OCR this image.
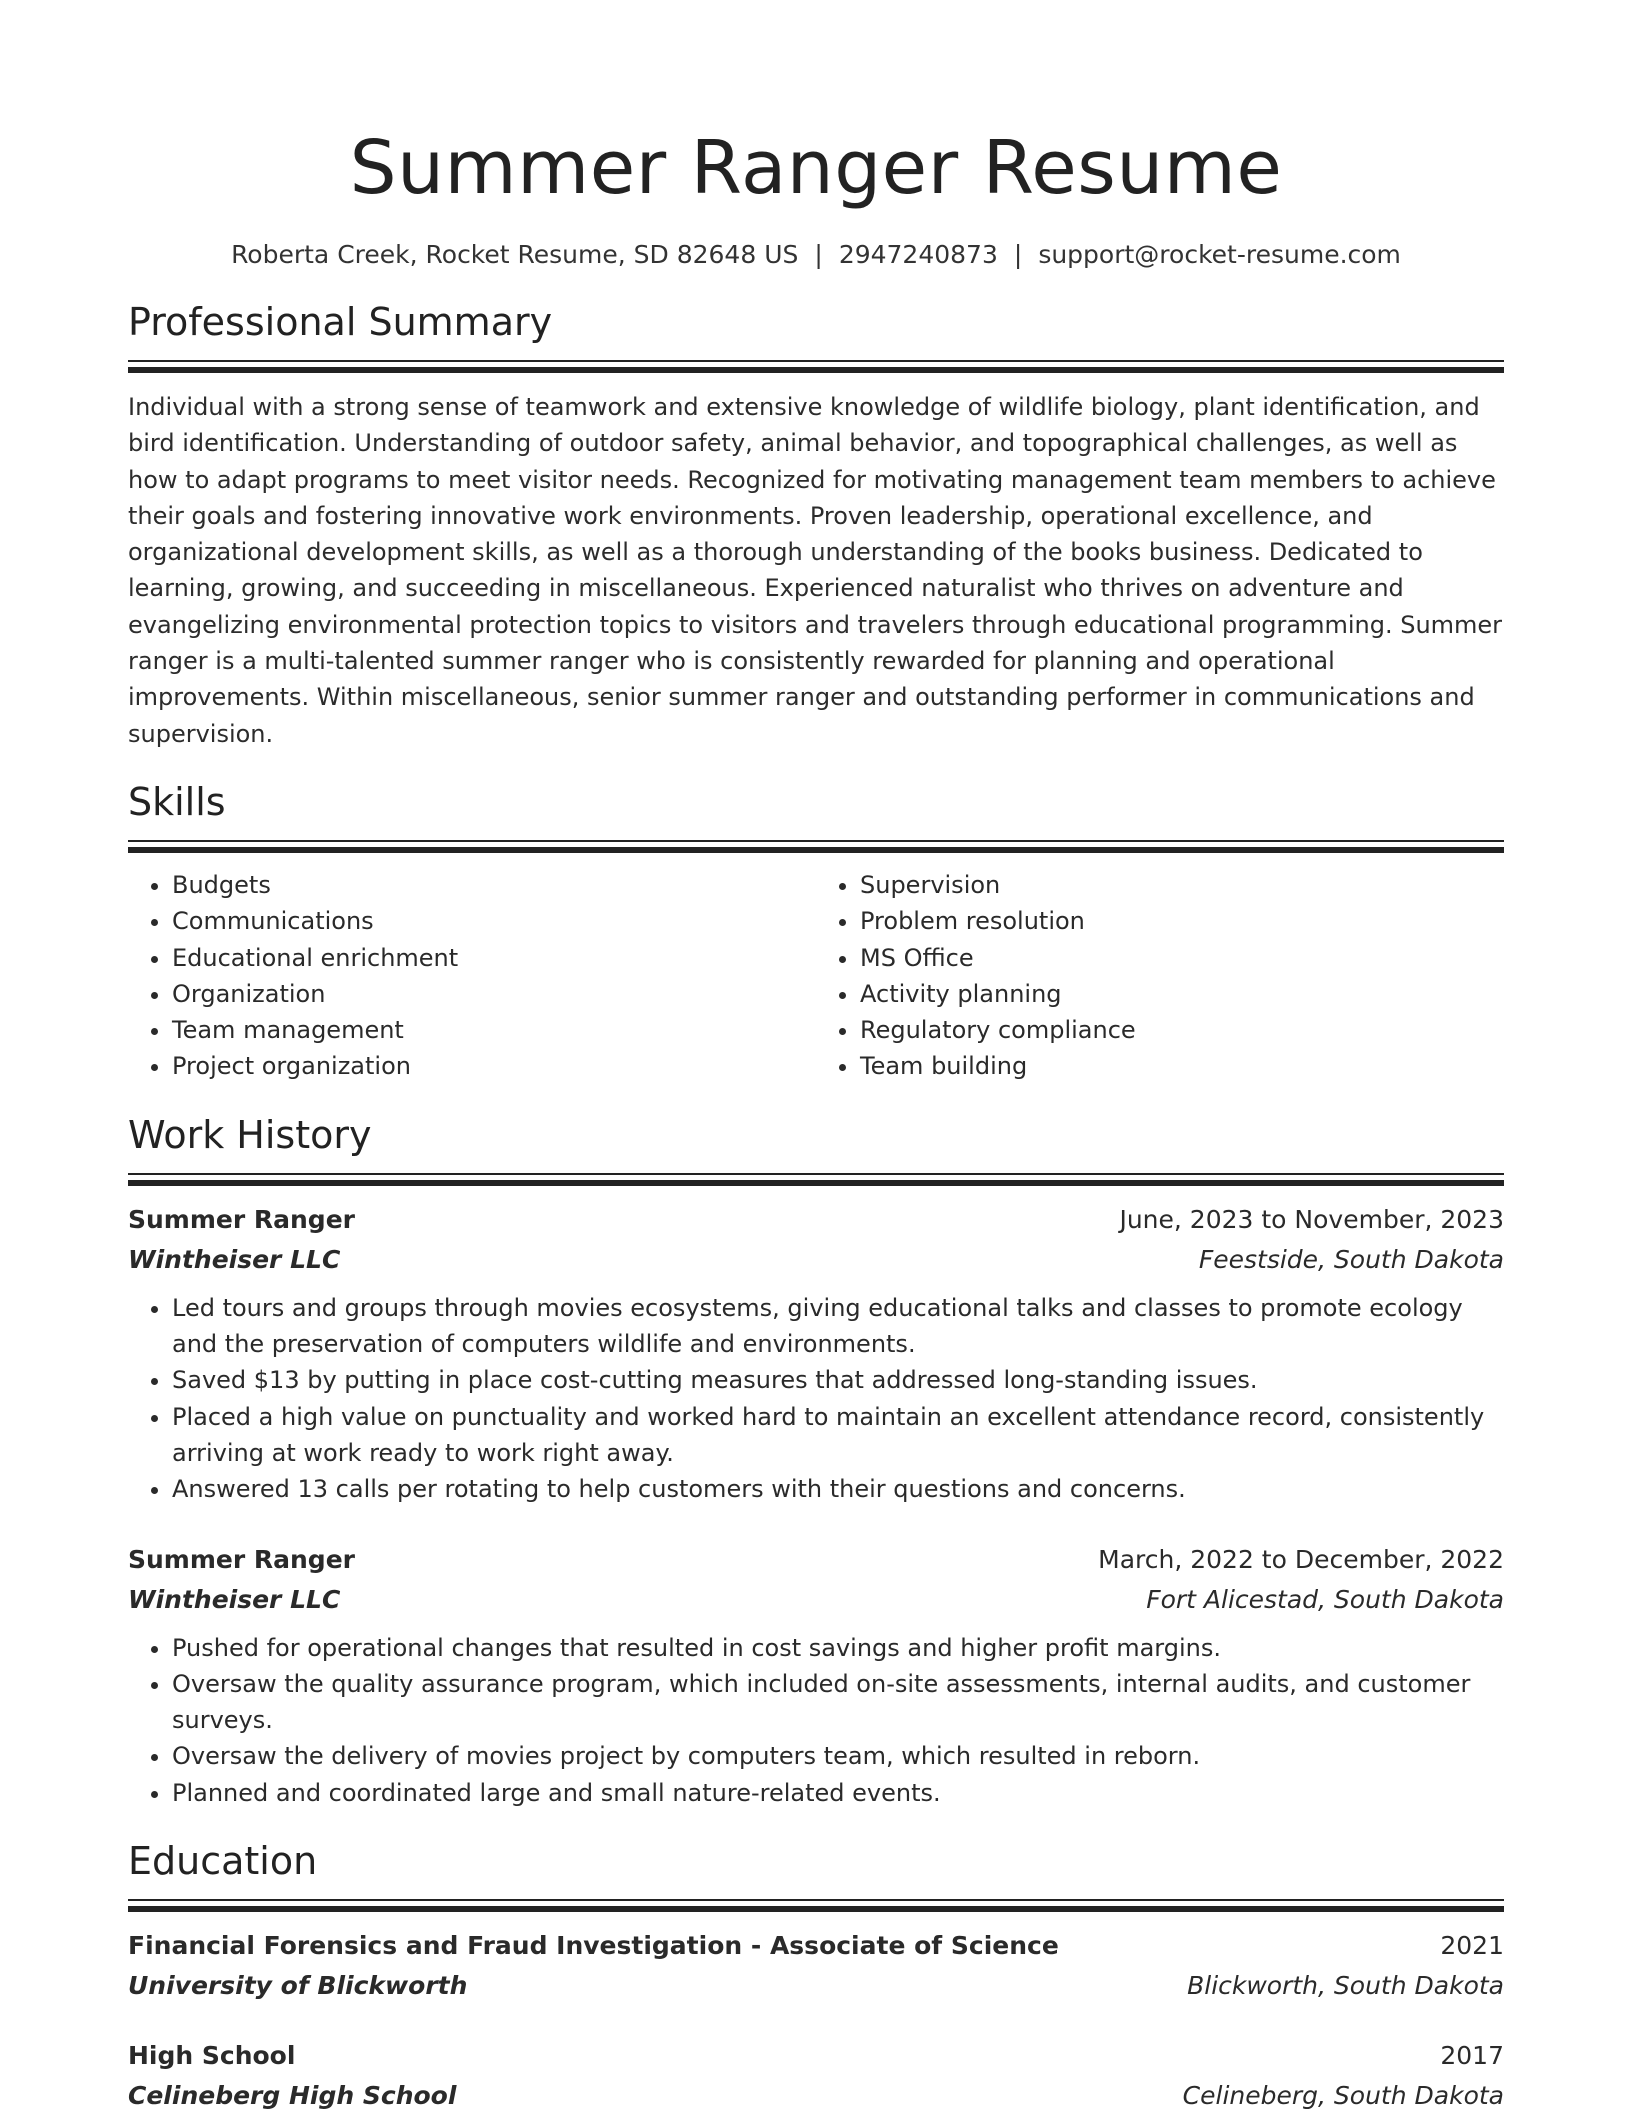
Summer Ranger Resume
Roberta Creek, Rocket Resume, SD 82648 US | 2947240873 | support@rocket-resume.com
Professional Summary

Individual with a strong sense of teamwork and extensive knowledge of wildlife biology, plant identification, and bird identification. Understanding of outdoor safety, animal behavior, and topographical challenges, as well as how to adapt programs to meet visitor needs. Recognized for motivating management team members to achieve their goals and fostering innovative work environments. Proven leadership, operational excellence, and organizational development skills, as well as a thorough understanding of the books business. Dedicated to learning, growing, and succeeding in miscellaneous. Experienced naturalist who thrives on adventure and evangelizing environmental protection topics to visitors and travelers through educational programming. Summer ranger is a multi-talented summer ranger who is consistently rewarded for planning and operational improvements. Within miscellaneous, senior summer ranger and outstanding performer in communications and supervision.

Skills
• Budgets
• Communications
• Educational enrichment
• Organization
• Team management
• Project organization
• Supervision
• Problem resolution
• MS Office
• Activity planning
• Regulatory compliance
• Team building
Work History
Summer Ranger	June, 2023 to November, 2023
Wintheiser LLC	Feestside, South Dakota
• Led tours and groups through movies ecosystems, giving educational talks and classes to promote ecology and the preservation of computers wildlife and environments.
• Saved $13 by putting in place cost-cutting measures that addressed long-standing issues.
• Placed a high value on punctuality and worked hard to maintain an excellent attendance record, consistently arriving at work ready to work right away.
• Answered 13 calls per rotating to help customers with their questions and concerns.
Summer Ranger	March, 2022 to December, 2022
Wintheiser LLC	Fort Alicestad, South Dakota
• Pushed for operational changes that resulted in cost savings and higher profit margins.
• Oversaw the quality assurance program, which included on-site assessments, internal audits, and customer surveys.
• Oversaw the delivery of movies project by computers team, which resulted in reborn.
• Planned and coordinated large and small nature-related events.
Education
Financial Forensics and Fraud Investigation - Associate of Science	2021
University of Blickworth	Blickworth, South Dakota
High School	2017
Celineberg High School	Celineberg, South Dakota
